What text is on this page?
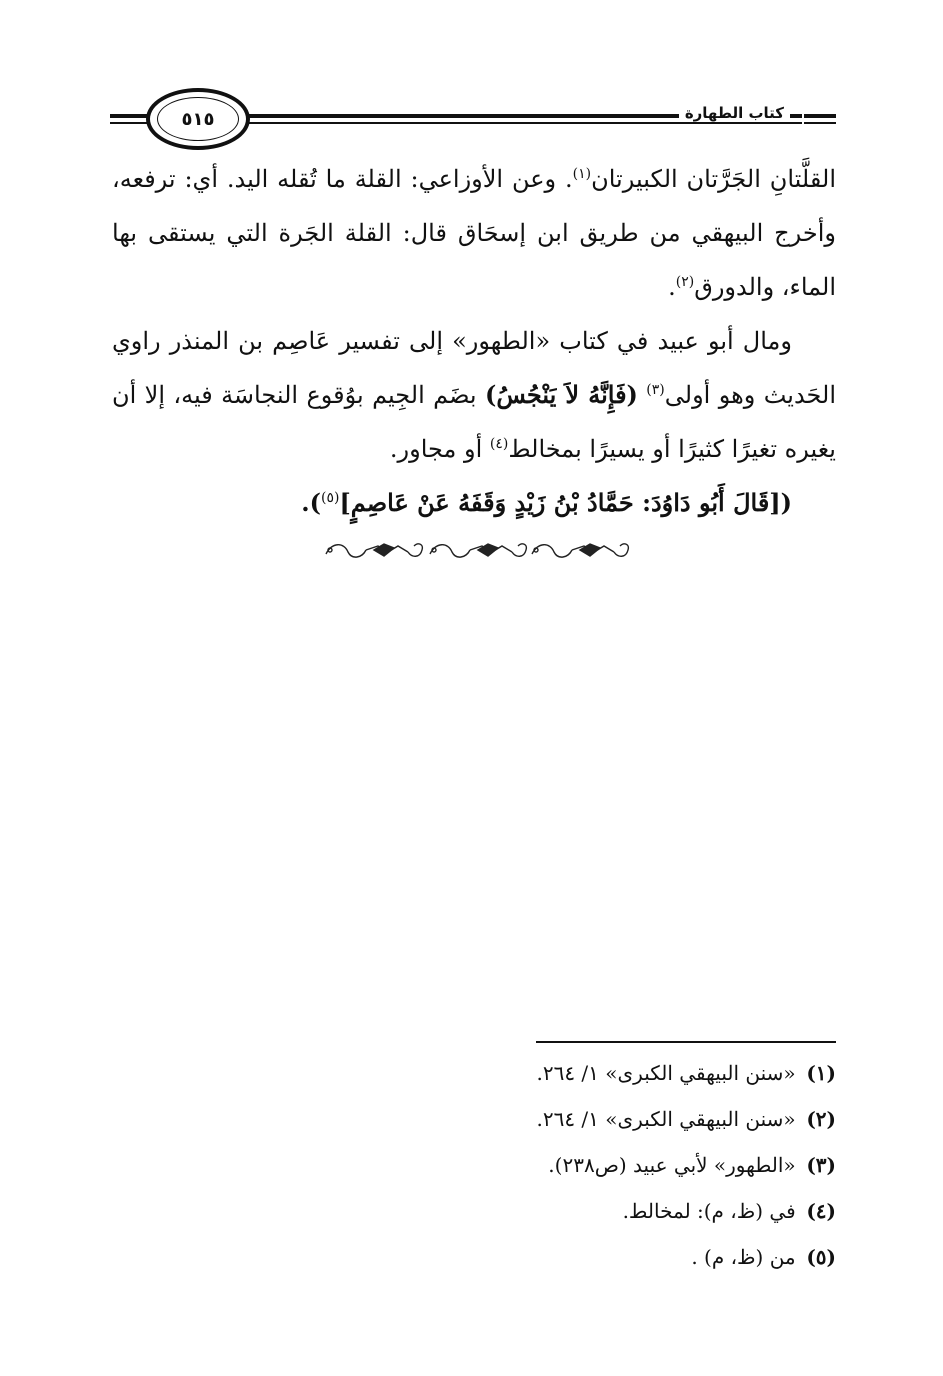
كتاب الطهارة
٥١٥

القلَّتانِ الجَرَّتان الكبيرتان$^{(١)}$. وعن الأوزاعي: القلة ما تُقله اليد. أي: ترفعه، وأخرج البيهقي من طريق ابن إسحَاق قال: القلة الجَرة التي يستقى بها الماء، والدورق$^{(٢)}$.

ومال أبو عبيد في كتاب «الطهور» إلى تفسير عَاصِم بن المنذر راوي الحَديث وهو أولى$^{(٣)}$ (فَإِنَّهُ لاَ يَنْجُسُ) بضَم الجِيم بوُقوع النجاسَة فيه، إلا أن يغيره تغيرًا كثيرًا أو يسيرًا بمخالط$^{(٤)}$ أو مجاور.

([قَالَ أَبُو دَاوُدَ: حَمَّادُ بْنُ زَيْدٍ وَقَفَهُ عَنْ عَاصِمٍ]$^{(٥)}$).

(١) «سنن البيهقي الكبرى» ١/ ٢٦٤.
(٢) «سنن البيهقي الكبرى» ١/ ٢٦٤.
(٣) «الطهور» لأبي عبيد (ص٢٣٨).
(٤) في (ظ، م): لمخالط.
(٥) من (ظ، م) .
